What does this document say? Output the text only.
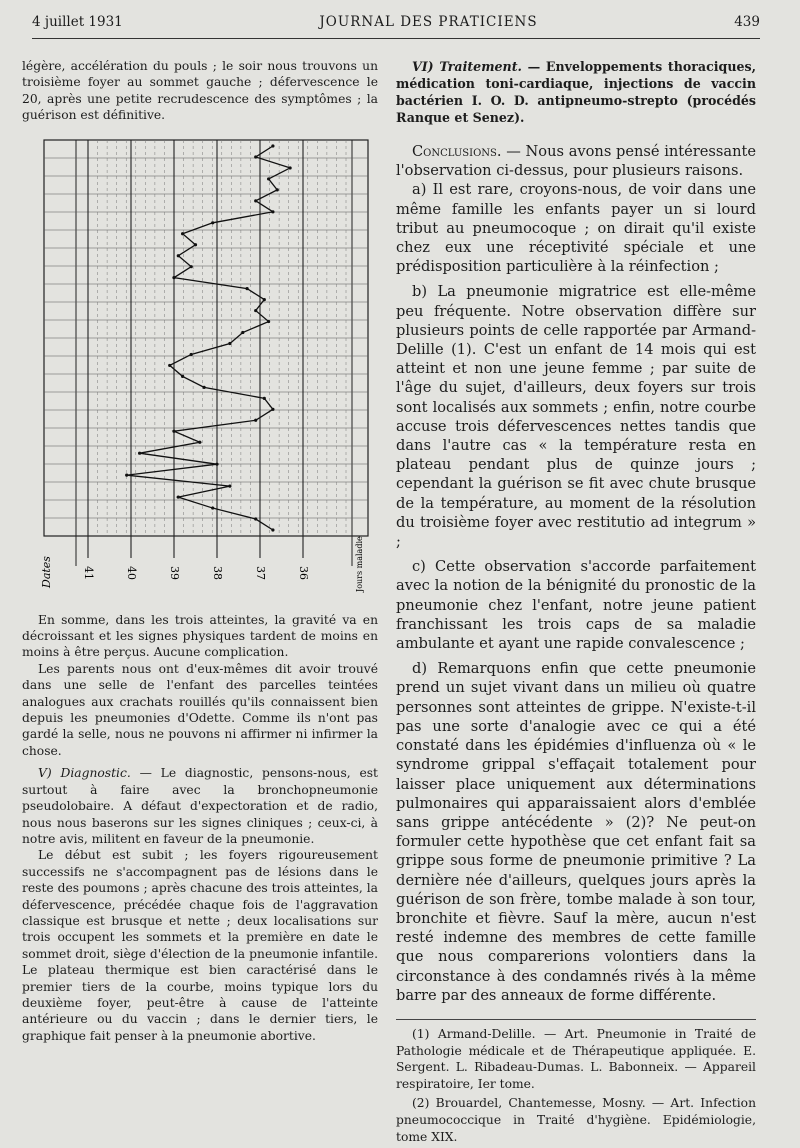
4 juillet 1931	JOURNAL DES PRATICIENS	439

légère, accélération du pouls ; le soir nous trouvons un troisième foyer au sommet gauche ; défervescence le 20, après une petite recrudescence des symptômes ; la guérison est définitive.

41	40	39	38	37	36
Dates	Jours maladie

En somme, dans les trois atteintes, la gravité va en décroissant et les signes physiques tardent de moins en moins à être perçus. Aucune complication.

Les parents nous ont d'eux-mêmes dit avoir trouvé dans une selle de l'enfant des parcelles teintées analogues aux crachats rouillés qu'ils connaissent bien depuis les pneumonies d'Odette. Comme ils n'ont pas gardé la selle, nous ne pouvons ni affirmer ni infirmer la chose.

V) Diagnostic. — Le diagnostic, pensons-nous, est surtout à faire avec la bronchopneumonie pseudolobaire. A défaut d'expectoration et de radio, nous nous baserons sur les signes cliniques ; ceux-ci, à notre avis, militent en faveur de la pneumonie.

Le début est subit ; les foyers rigoureusement successifs ne s'accompagnent pas de lésions dans le reste des poumons ; après chacune des trois atteintes, la défervescence, précédée chaque fois de l'aggravation classique est brusque et nette ; deux localisations sur trois occupent les sommets et la première en date le sommet droit, siège d'élection de la pneumonie infantile. Le plateau thermique est bien caractérisé dans le premier tiers de la courbe, moins typique lors du deuxième foyer, peut-être à cause de l'atteinte antérieure ou du vaccin ; dans le dernier tiers, le graphique fait penser à la pneumonie abortive.

VI) Traitement. — Enveloppements thoraciques, médication toni-cardiaque, injections de vaccin bactérien I. O. D. antipneumo-strepto (procédés Ranque et Senez).

Conclusions. — Nous avons pensé intéressante l'observation ci-dessus, pour plusieurs raisons.

a) Il est rare, croyons-nous, de voir dans une même famille les enfants payer un si lourd tribut au pneumocoque ; on dirait qu'il existe chez eux une réceptivité spéciale et une prédisposition particulière à la réinfection ;

b) La pneumonie migratrice est elle-même peu fréquente. Notre observation diffère sur plusieurs points de celle rapportée par Armand-Delille (1). C'est un enfant de 14 mois qui est atteint et non une jeune femme ; par suite de l'âge du sujet, d'ailleurs, deux foyers sur trois sont localisés aux sommets ; enfin, notre courbe accuse trois défervescences nettes tandis que dans l'autre cas « la température resta en plateau pendant plus de quinze jours ; cependant la guérison se fit avec chute brusque de la température, au moment de la résolution du troisième foyer avec restitutio ad integrum » ;

c) Cette observation s'accorde parfaitement avec la notion de la bénignité du pronostic de la pneumonie chez l'enfant, notre jeune patient franchissant les trois caps de sa maladie ambulante et ayant une rapide convalescence ;

d) Remarquons enfin que cette pneumonie prend un sujet vivant dans un milieu où quatre personnes sont atteintes de grippe. N'existe-t-il pas une sorte d'analogie avec ce qui a été constaté dans les épidémies d'influenza où « le syndrome grippal s'effaçait totalement pour laisser place uniquement aux déterminations pulmonaires qui apparaissaient alors d'emblée sans grippe antécédente » (2)? Ne peut-on formuler cette hypothèse que cet enfant fait sa grippe sous forme de pneumonie primitive ? La dernière née d'ailleurs, quelques jours après la guérison de son frère, tombe malade à son tour, bronchite et fièvre. Sauf la mère, aucun n'est resté indemne des membres de cette famille que nous comparerions volontiers dans la circonstance à des condamnés rivés à la même barre par des anneaux de forme différente.

(1) Armand-Delille. — Art. Pneumonie in Traité de Pathologie médicale et de Thérapeutique appliquée. E. Sergent. L. Ribadeau-Dumas. L. Babonneix. — Appareil respiratoire, Ier tome.

(2) Brouardel, Chantemesse, Mosny. — Art. Infection pneumococcique in Traité d'hygiène. Epidémiologie, tome XIX.
